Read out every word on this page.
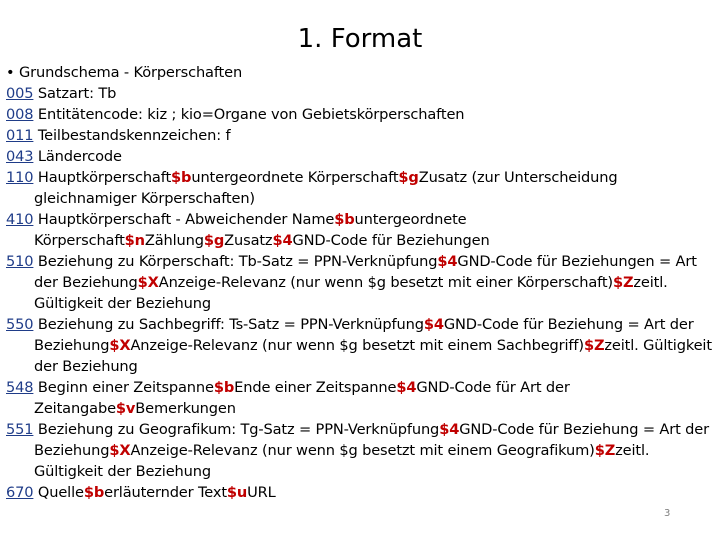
1. Format
• Grundschema - Körperschaften
005 Satzart: Tb
008 Entitätencode: kiz ; kio=Organe von Gebietskörperschaften
011 Teilbestandskennzeichen: f
043 Ländercode
110 Hauptkörperschaft$buntergeordnete Körperschaft$gZusatz (zur Unterscheidung gleichnamiger Körperschaften)
410 Hauptkörperschaft - Abweichender Name$buntergeordnete Körperschaft$nZählung$gZusatz$4GND-Code für Beziehungen
510 Beziehung zu Körperschaft: Tb-Satz = PPN-Verknüpfung$4GND-Code für Beziehungen = Art der Beziehung$XAnzeige-Relevanz (nur wenn $g besetzt mit einer Körperschaft)$Zzeitl. Gültigkeit der Beziehung
550 Beziehung zu Sachbegriff: Ts-Satz = PPN-Verknüpfung$4GND-Code für Beziehung = Art der Beziehung$XAnzeige-Relevanz (nur wenn $g besetzt mit einem Sachbegriff)$Zzeitl. Gültigkeit der Beziehung
548 Beginn einer Zeitspanne$bEnde einer Zeitspanne$4GND-Code für Art der Zeitangabe$vBemerkungen
551 Beziehung zu Geografikum: Tg-Satz = PPN-Verknüpfung$4GND-Code für Beziehung = Art der Beziehung$XAnzeige-Relevanz (nur wenn $g besetzt mit einem Geografikum)$Zzeitl. Gültigkeit der Beziehung
670 Quelle$berläuternder Text$uURL
3
